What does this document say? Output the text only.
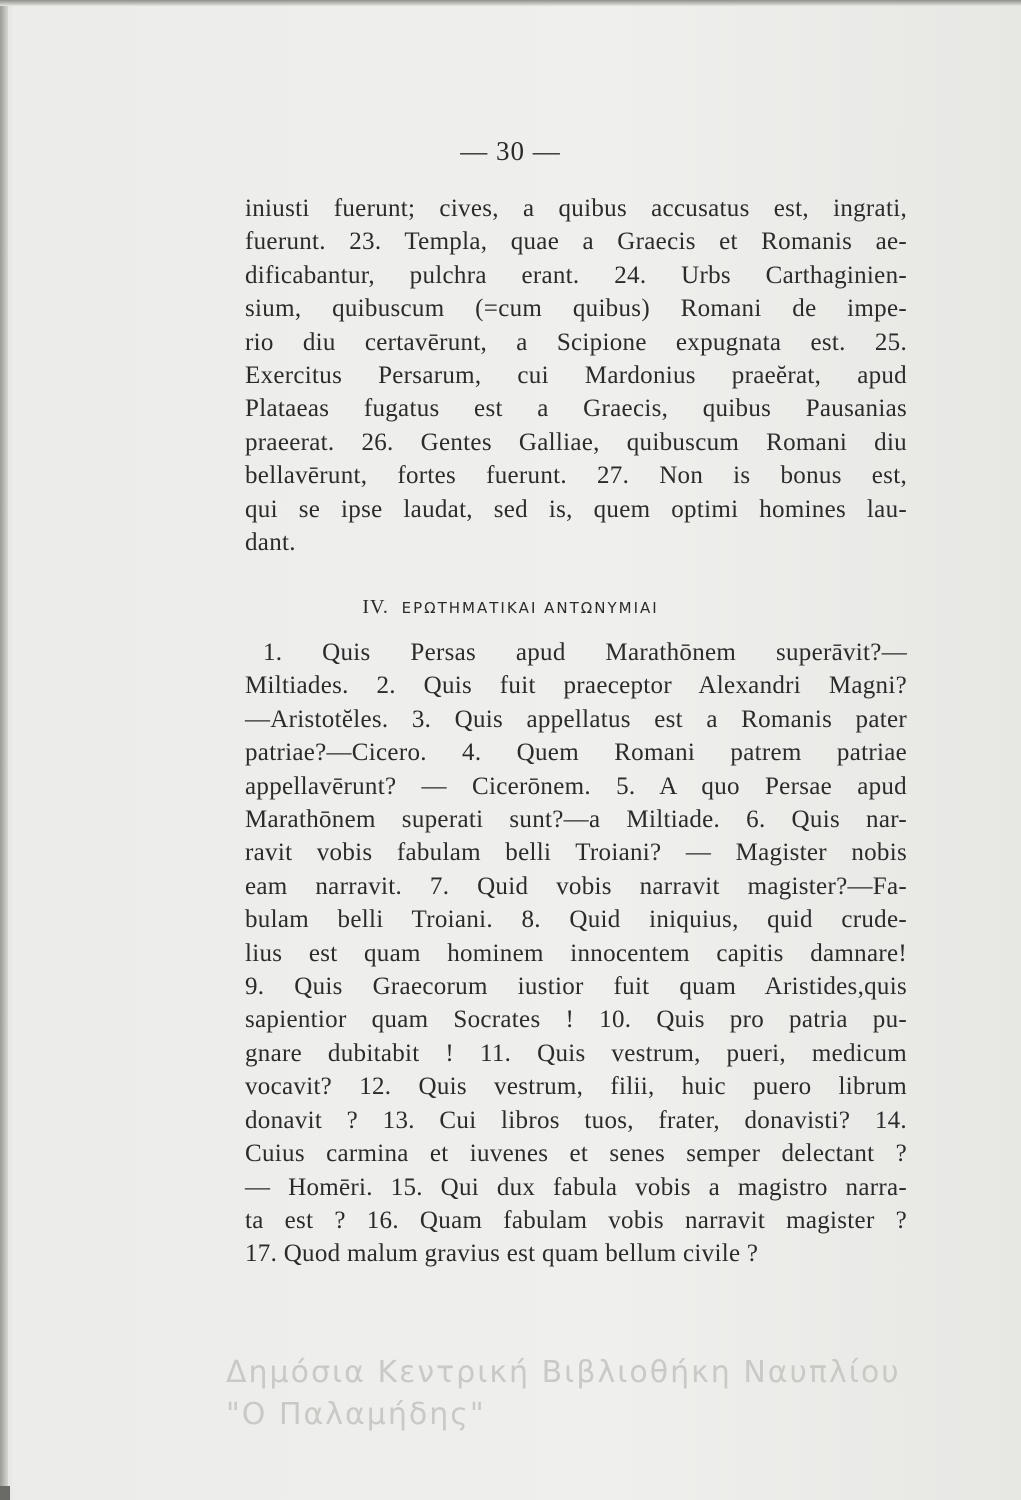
— 30 —
iniusti fuerunt; cives, a quibus accusatus est, ingrati,
fuerunt. 23. Templa, quae a Graecis et Romanis ae-
dificabantur, pulchra erant. 24. Urbs Carthaginien-
sium, quibuscum (=cum quibus) Romani de impe-
rio diu certavērunt, a Scipione expugnata est. 25.
Exercitus Persarum, cui Mardonius praeĕrat, apud
Plataeas fugatus est a Graecis, quibus Pausanias
praeerat. 26. Gentes Galliae, quibuscum Romani diu
bellavērunt, fortes fuerunt. 27. Non is bonus est,
qui se ipse laudat, sed is, quem optimi homines lau-
dant.
IV. ΕΡΩΤΗΜΑΤΙΚΑΙ ΑΝΤΩΝΥΜΙΑΙ
1. Quis Persas apud Marathōnem superāvit?—
Miltiades. 2. Quis fuit praeceptor Alexandri Magni?
—Aristotĕles. 3. Quis appellatus est a Romanis pater
patriae?—Cicero. 4. Quem Romani patrem patriae
appellavērunt? — Cicerōnem. 5. A quo Persae apud
Marathōnem superati sunt?—a Miltiade. 6. Quis nar-
ravit vobis fabulam belli Troiani? — Magister nobis
eam narravit. 7. Quid vobis narravit magister?—Fa-
bulam belli Troiani. 8. Quid iniquius, quid crude-
lius est quam hominem innocentem capitis damnare!
9. Quis Graecorum iustior fuit quam Aristides,quis
sapientior quam Socrates ! 10. Quis pro patria pu-
gnare dubitabit ! 11. Quis vestrum, pueri, medicum
vocavit? 12. Quis vestrum, filii, huic puero librum
donavit ? 13. Cui libros tuos, frater, donavisti? 14.
Cuius carmina et iuvenes et senes semper delectant ?
— Homēri. 15. Qui dux fabula vobis a magistro narra-
ta est ? 16. Quam fabulam vobis narravit magister ?
17. Quod malum gravius est quam bellum civile ?
Δημόσια Κεντρική Βιβλιοθήκη Ναυπλίου
"Ο Παλαμήδης"
